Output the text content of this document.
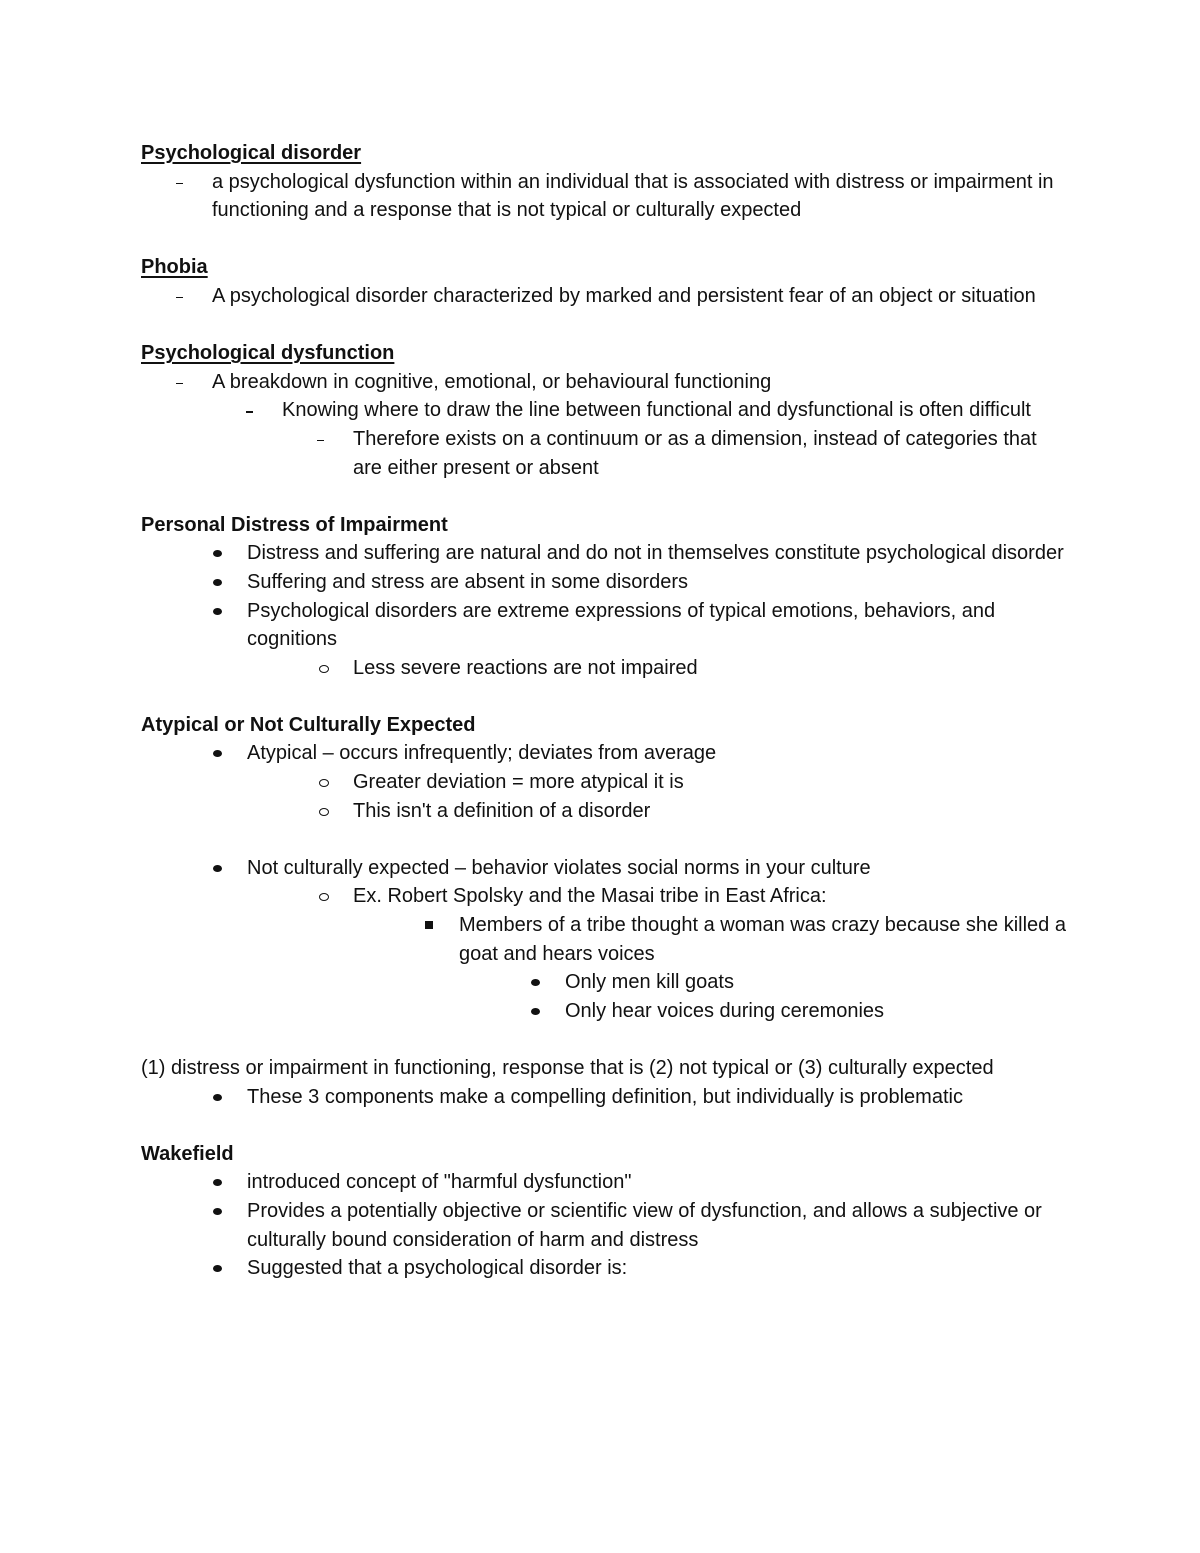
Psychological disorder
a psychological dysfunction within an individual that is associated with distress or impairment in functioning and a response that is not typical or culturally expected
Phobia
A psychological disorder characterized by marked and persistent fear of an object or situation
Psychological dysfunction
A breakdown in cognitive, emotional, or behavioural functioning
Knowing where to draw the line between functional and dysfunctional is often difficult
Therefore exists on a continuum or as a dimension, instead of categories that are either present or absent
Personal Distress of Impairment
Distress and suffering are natural and do not in themselves constitute psychological disorder
Suffering and stress are absent in some disorders
Psychological disorders are extreme expressions of typical emotions, behaviors, and cognitions
Less severe reactions are not impaired
Atypical or Not Culturally Expected
Atypical – occurs infrequently; deviates from average
Greater deviation = more atypical it is
This isn't a definition of a disorder
Not culturally expected – behavior violates social norms in your culture
Ex. Robert Spolsky and the Masai tribe in East Africa:
Members of a tribe thought a woman was crazy because she killed a goat and hears voices
Only men kill goats
Only hear voices during ceremonies
(1) distress or impairment in functioning, response that is (2) not typical or (3) culturally expected
These 3 components make a compelling definition, but individually is problematic
Wakefield
introduced concept of "harmful dysfunction"
Provides a potentially objective or scientific view of dysfunction, and allows a subjective or culturally bound consideration of harm and distress
Suggested that a psychological disorder is:
